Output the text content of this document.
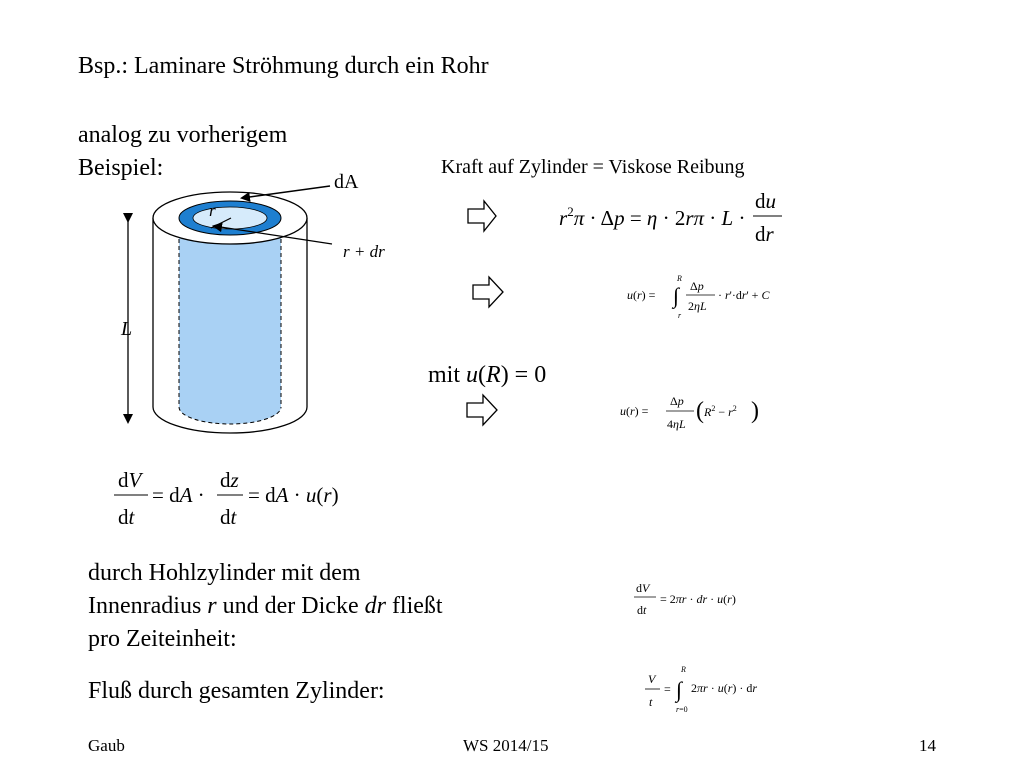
Bsp.: Laminare Ströhmung durch ein Rohr
analog zu vorherigem
Beispiel:	Kraft auf Zylinder = Viskose Reibung
L
dA
r
r + dr
$r^2\pi \cdot \Delta p = \eta \cdot 2r\pi \cdot L$ ·
du
dr
u(r) = ∫
R
r
Δp
2ηL
· r'·dr' + C
mit u(R) = 0
u(r) =
Δp
4ηL ( $R^2 - r^2$ )
dV
dt
= dA ·
dz
dt
= dA · u(r)
durch Hohlzylinder mit dem
Innenradius r und der Dicke dr fließt
pro Zeiteinheit:
dV
dt
= 2πr · dr · u(r)
Fluß durch gesamten Zylinder:	V
t
= ∫
R
r=0
2πr · u(r) · dr
Gaub	WS 2014/15	14
